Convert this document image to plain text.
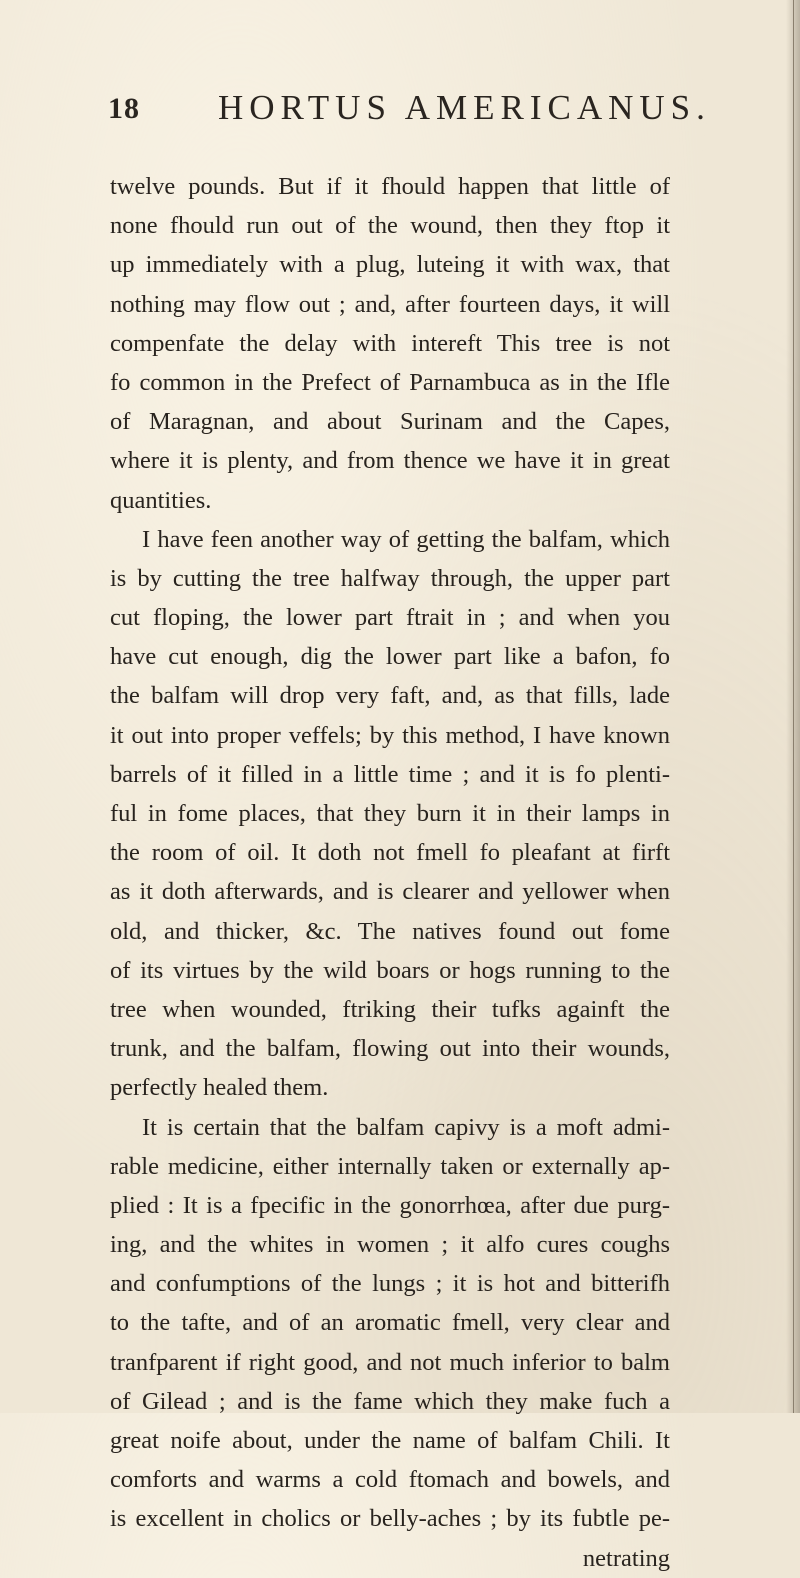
18 HORTUS AMERICANUS.
twelve pounds. But if it fhould happen that little of
none fhould run out of the wound, then they ftop it
up immediately with a plug, luteing it with wax, that
nothing may flow out ; and, after fourteen days, it will
compenfate the delay with intereft This tree is not
fo common in the Prefect of Parnambuca as in the Ifle
of Maragnan, and about Surinam and the Capes,
where it is plenty, and from thence we have it in great
quantities.
I have feen another way of getting the balfam, which
is by cutting the tree halfway through, the upper part
cut floping, the lower part ftrait in ; and when you
have cut enough, dig the lower part like a bafon, fo
the balfam will drop very faft, and, as that fills, lade
it out into proper veffels; by this method, I have known
barrels of it filled in a little time ; and it is fo plenti-
ful in fome places, that they burn it in their lamps in
the room of oil. It doth not fmell fo pleafant at firft
as it doth afterwards, and is clearer and yellower when
old, and thicker, &c. The natives found out fome
of its virtues by the wild boars or hogs running to the
tree when wounded, ftriking their tufks againft the
trunk, and the balfam, flowing out into their wounds,
perfectly healed them.
It is certain that the balfam capivy is a moft admi-
rable medicine, either internally taken or externally ap-
plied : It is a fpecific in the gonorrhœa, after due purg-
ing, and the whites in women ; it alfo cures coughs
and confumptions of the lungs ; it is hot and bitterifh
to the tafte, and of an aromatic fmell, very clear and
tranfparent if right good, and not much inferior to balm
of Gilead ; and is the fame which they make fuch a
great noife about, under the name of balfam Chili. It
comforts and warms a cold ftomach and bowels, and
is excellent in cholics or belly-aches ; by its fubtle pe-
netrating
